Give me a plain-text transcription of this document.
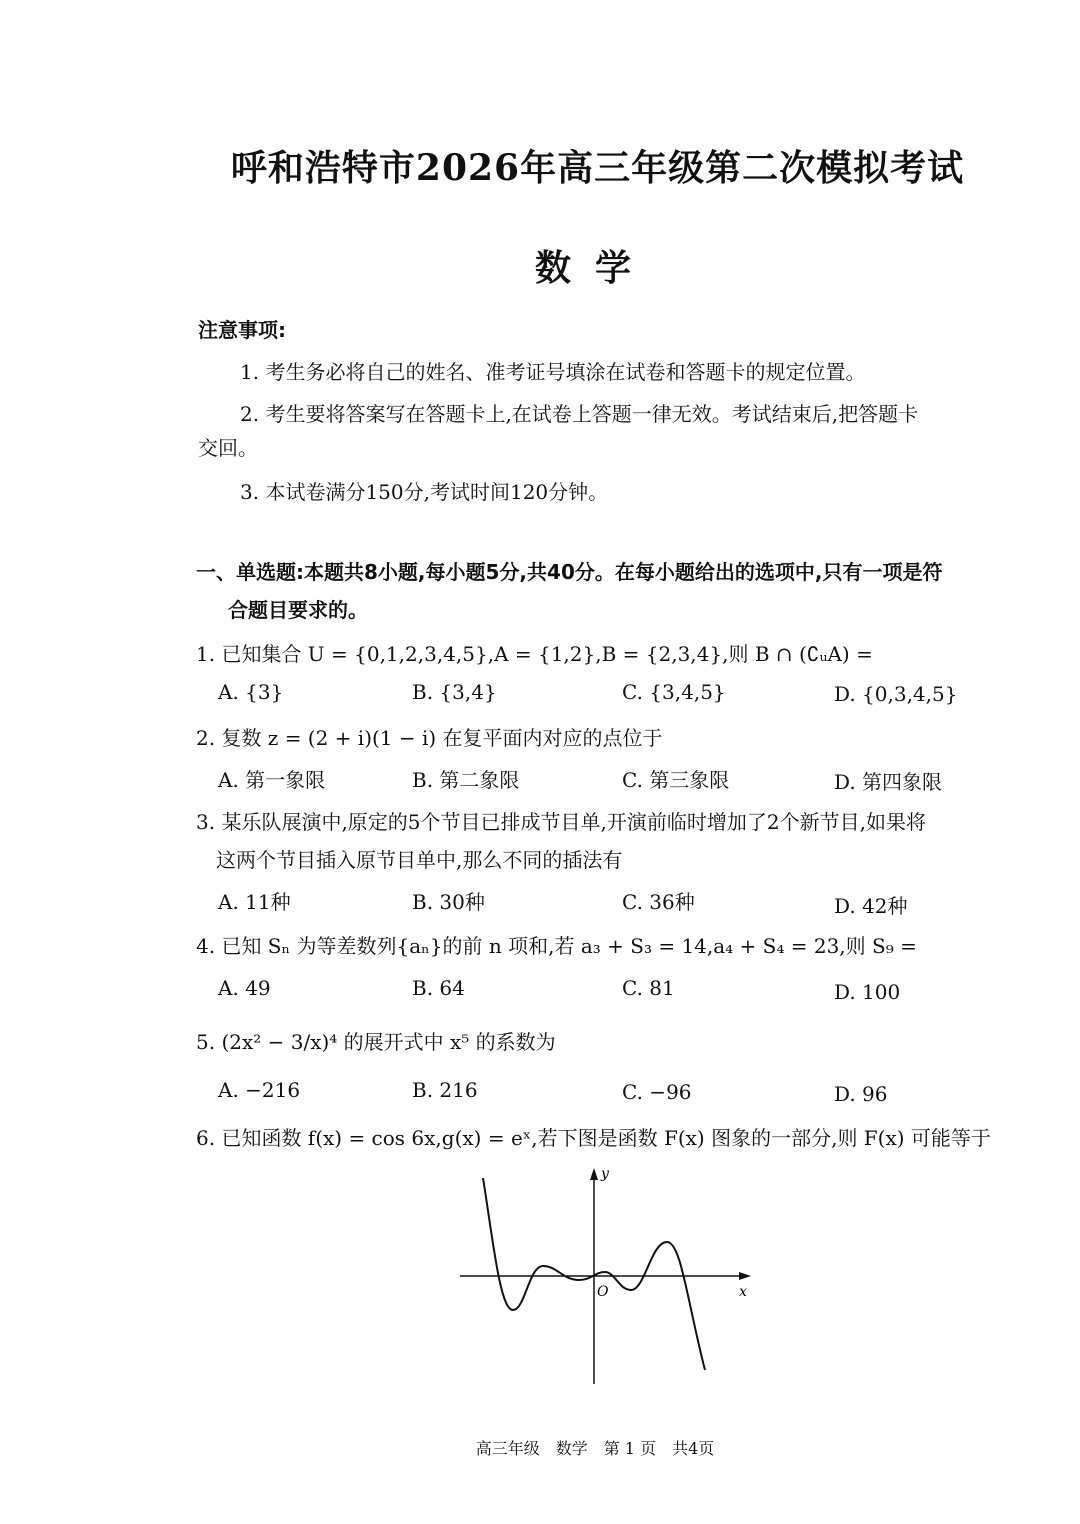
呼和浩特市2026年高三年级第二次模拟考试
数学
注意事项:
1. 考生务必将自己的姓名、准考证号填涂在试卷和答题卡的规定位置。
2. 考生要将答案写在答题卡上,在试卷上答题一律无效。考试结束后,把答题卡
交回。
3. 本试卷满分150分,考试时间120分钟。
一、单选题:本题共8小题,每小题5分,共40分。在每小题给出的选项中,只有一项是符
合题目要求的。
1. 已知集合 U = {0,1,2,3,4,5},A = {1,2},B = {2,3,4},则 B ∩ (∁ᵤA) =
A. {3}	B. {3,4}	C. {3,4,5}	D. {0,3,4,5}
2. 复数 z = (2 + i)(1 − i) 在复平面内对应的点位于
A. 第一象限	B. 第二象限	C. 第三象限	D. 第四象限
3. 某乐队展演中,原定的5个节目已排成节目单,开演前临时增加了2个新节目,如果将
这两个节目插入原节目单中,那么不同的插法有
A. 11种	B. 30种	C. 36种	D. 42种
4. 已知 Sₙ 为等差数列{aₙ}的前 n 项和,若 a₃ + S₃ = 14,a₄ + S₄ = 23,则 S₉ =
A. 49	B. 64	C. 81	D. 100
5. (2x² − 3/x)⁴ 的展开式中 x⁵ 的系数为
A. −216	B. 216	C. −96	D. 96
6. 已知函数 f(x) = cos 6x,g(x) = eˣ,若下图是函数 F(x) 图象的一部分,则 F(x) 可能等于
O	x
y
高三年级　数学　第 1 页　共4页
